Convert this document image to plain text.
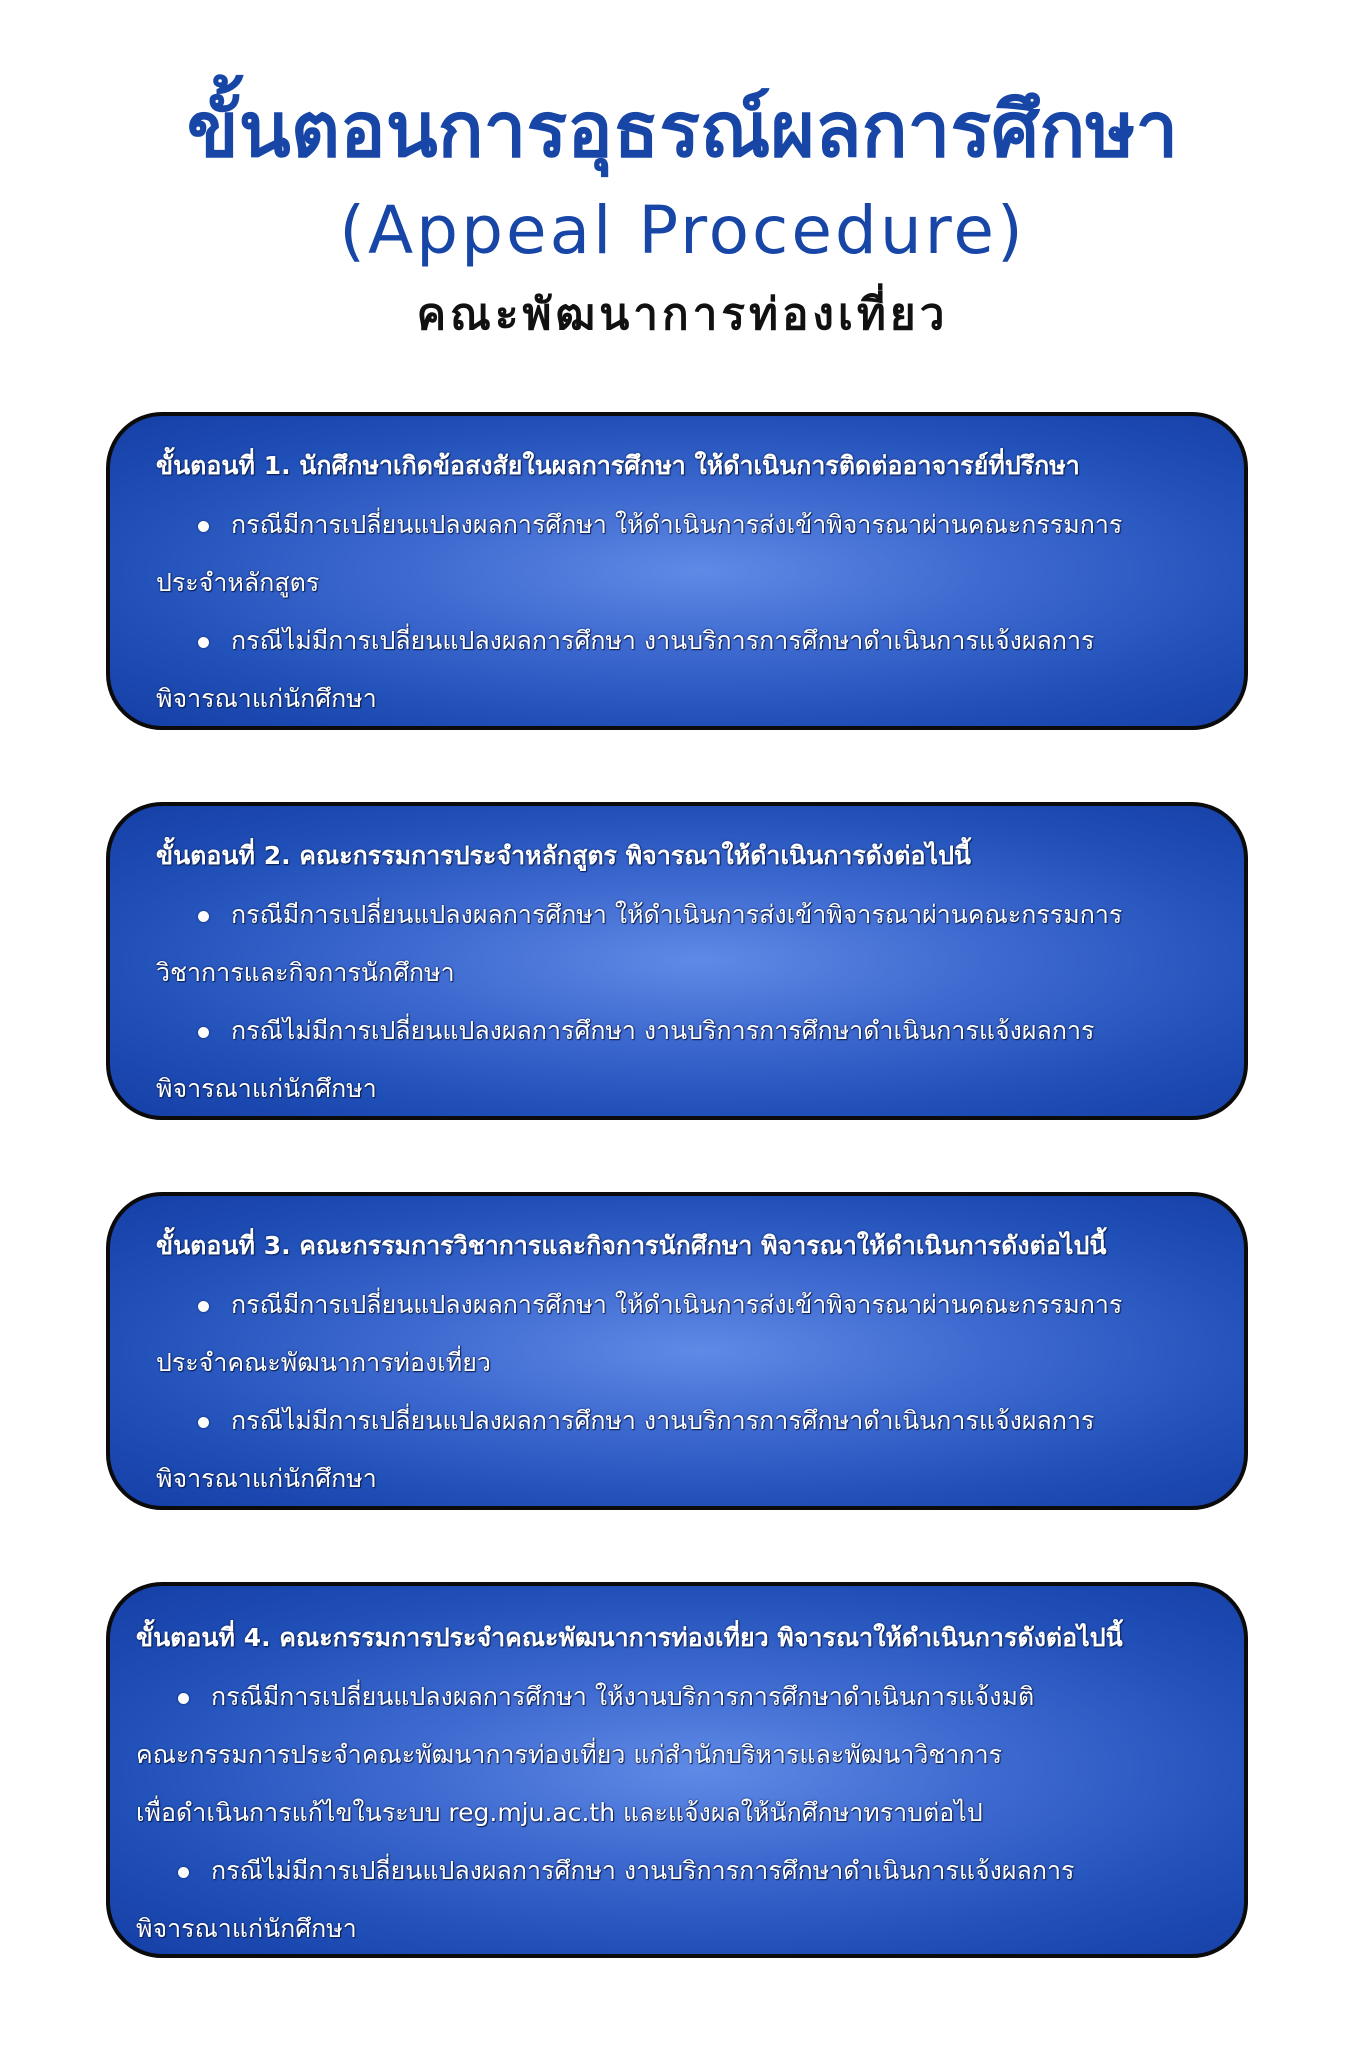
ขั้นตอนการอุธรณ์ผลการศึกษา

(Appeal Procedure)

คณะพัฒนาการท่องเที่ยว

ขั้นตอนที่ 1. นักศึกษาเกิดข้อสงสัยในผลการศึกษา ให้ดำเนินการติดต่ออาจารย์ที่ปรึกษา

กรณีมีการเปลี่ยนแปลงผลการศึกษา ให้ดำเนินการส่งเข้าพิจารณาผ่านคณะกรรมการ

ประจำหลักสูตร

กรณีไม่มีการเปลี่ยนแปลงผลการศึกษา งานบริการการศึกษาดำเนินการแจ้งผลการ

พิจารณาแก่นักศึกษา

ขั้นตอนที่ 2. คณะกรรมการประจำหลักสูตร พิจารณาให้ดำเนินการดังต่อไปนี้

กรณีมีการเปลี่ยนแปลงผลการศึกษา ให้ดำเนินการส่งเข้าพิจารณาผ่านคณะกรรมการ

วิชาการและกิจการนักศึกษา

กรณีไม่มีการเปลี่ยนแปลงผลการศึกษา งานบริการการศึกษาดำเนินการแจ้งผลการ

พิจารณาแก่นักศึกษา

ขั้นตอนที่ 3. คณะกรรมการวิชาการและกิจการนักศึกษา พิจารณาให้ดำเนินการดังต่อไปนี้

กรณีมีการเปลี่ยนแปลงผลการศึกษา ให้ดำเนินการส่งเข้าพิจารณาผ่านคณะกรรมการ

ประจำคณะพัฒนาการท่องเที่ยว

กรณีไม่มีการเปลี่ยนแปลงผลการศึกษา งานบริการการศึกษาดำเนินการแจ้งผลการ

พิจารณาแก่นักศึกษา

ขั้นตอนที่ 4. คณะกรรมการประจำคณะพัฒนาการท่องเที่ยว พิจารณาให้ดำเนินการดังต่อไปนี้

กรณีมีการเปลี่ยนแปลงผลการศึกษา ให้งานบริการการศึกษาดำเนินการแจ้งมติ

คณะกรรมการประจำคณะพัฒนาการท่องเที่ยว แก่สำนักบริหารและพัฒนาวิชาการ

เพื่อดำเนินการแก้ไขในระบบ reg.mju.ac.th และแจ้งผลให้นักศึกษาทราบต่อไป

กรณีไม่มีการเปลี่ยนแปลงผลการศึกษา งานบริการการศึกษาดำเนินการแจ้งผลการ

พิจารณาแก่นักศึกษา
